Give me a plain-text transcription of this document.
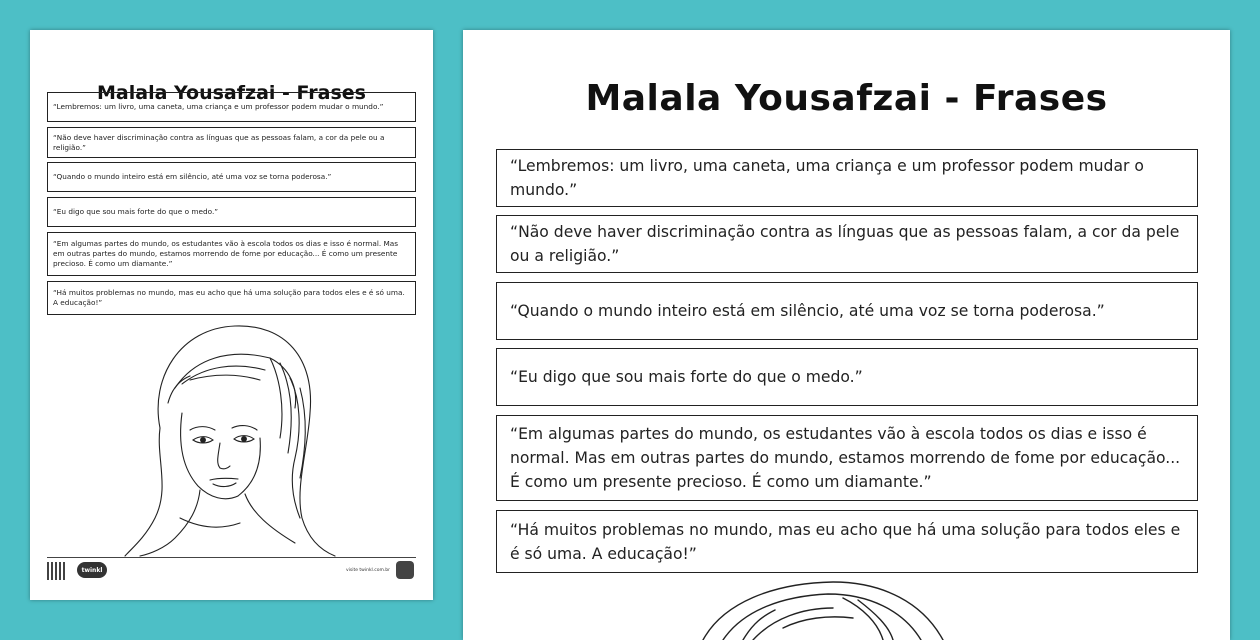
Malala Yousafzai - Frases
“Lembremos: um livro, uma caneta, uma criança e um professor podem mudar o mundo.”
“Não deve haver discriminação contra as línguas que as pessoas falam, a cor da pele ou a religião.”
“Quando o mundo inteiro está em silêncio, até uma voz se torna poderosa.”
“Eu digo que sou mais forte do que o medo.”
“Em algumas partes do mundo, os estudantes vão à escola todos os dias e isso é normal. Mas em outras partes do mundo, estamos morrendo de fome por educação... É como um presente precioso. É como um diamante.”
“Há muitos problemas no mundo, mas eu acho que há uma solução para todos eles e é só uma. A educação!”
twinkl	visite twinkl.com.br
Malala Yousafzai - Frases
“Lembremos: um livro, uma caneta, uma criança e um professor podem mudar o mundo.”
“Não deve haver discriminação contra as línguas que as pessoas falam, a cor da pele ou a religião.”
“Quando o mundo inteiro está em silêncio, até uma voz se torna poderosa.”
“Eu digo que sou mais forte do que o medo.”
“Em algumas partes do mundo, os estudantes vão à escola todos os dias e isso é normal. Mas em outras partes do mundo, estamos morrendo de fome por educação... É como um presente precioso. É como um diamante.”
“Há muitos problemas no mundo, mas eu acho que há uma solução para todos eles e é só uma. A educação!”
